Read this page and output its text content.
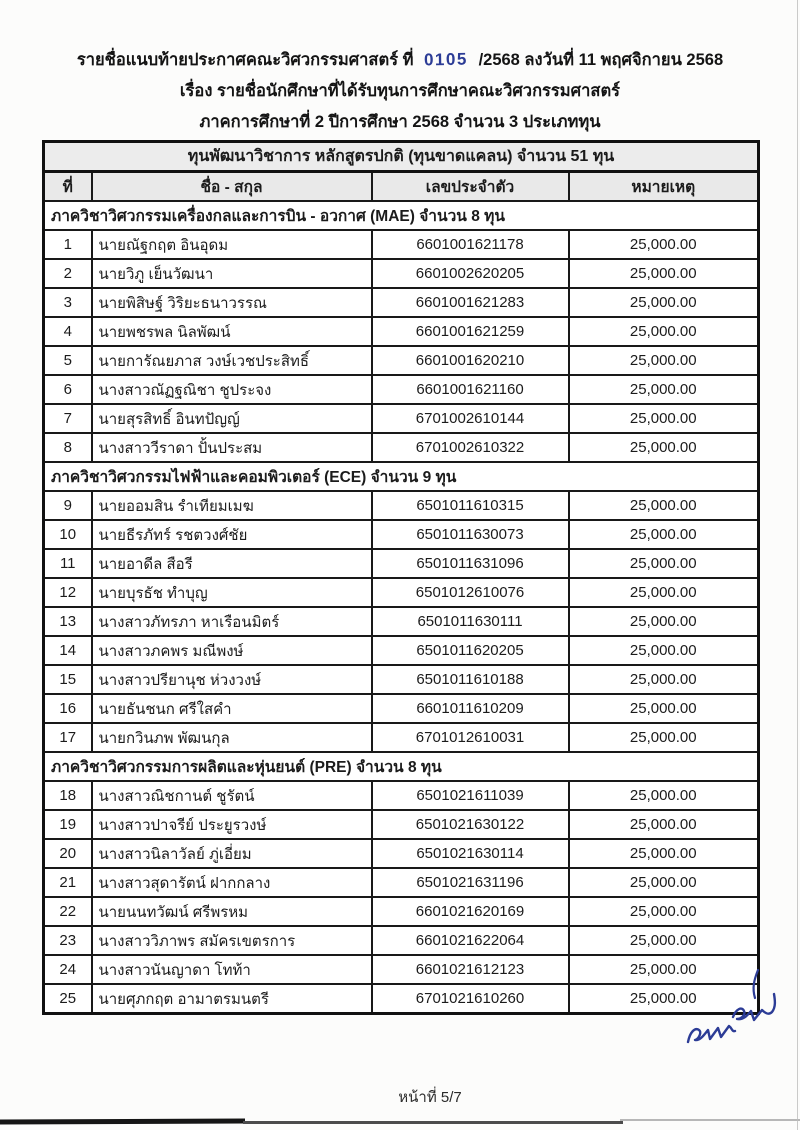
รายชื่อแนบท้ายประกาศคณะวิศวกรรมศาสตร์ ที่ 0105 /2568 ลงวันที่ 11 พฤศจิกายน 2568
เรื่อง รายชื่อนักศึกษาที่ได้รับทุนการศึกษาคณะวิศวกรรมศาสตร์
ภาคการศึกษาที่ 2 ปีการศึกษา 2568 จำนวน 3 ประเภททุน
ทุนพัฒนาวิชาการ หลักสูตรปกติ (ทุนขาดแคลน) จำนวน 51 ทุน			
ที่	ชื่อ - สกุล	เลขประจำตัว	หมายเหตุ
ภาควิชาวิศวกรรมเครื่องกลและการบิน - อวกาศ (MAE) จำนวน 8 ทุน			
1	นายณัฐกฤต อินอุดม	6601001621178	25,000.00
2	นายวิภู เย็นวัฒนา	6601002620205	25,000.00
3	นายพิสิษฐ์ วิริยะธนาวรรณ	6601001621283	25,000.00
4	นายพชรพล นิลพัฒน์	6601001621259	25,000.00
5	นายการัณยภาส วงษ์เวชประสิทธิ์	6601001620210	25,000.00
6	นางสาวณัฏฐณิชา ชูประจง	6601001621160	25,000.00
7	นายสุรสิทธิ์ อินทปัญญ์	6701002610144	25,000.00
8	นางสาววีราดา ปั้นประสม	6701002610322	25,000.00
ภาควิชาวิศวกรรมไฟฟ้าและคอมพิวเตอร์ (ECE) จำนวน 9 ทุน			
9	นายออมสิน รำเทียมเมฆ	6501011610315	25,000.00
10	นายธีรภัทร์ รชตวงศ์ชัย	6501011630073	25,000.00
11	นายอาดีล สือรี	6501011631096	25,000.00
12	นายบุรธัช ทำบุญ	6501012610076	25,000.00
13	นางสาวภัทรภา หาเรือนมิตร์	6501011630111	25,000.00
14	นางสาวภคพร มณีพงษ์	6501011620205	25,000.00
15	นางสาวปรียานุช ห่วงวงษ์	6501011610188	25,000.00
16	นายธันชนก ศรีใสคำ	6601011610209	25,000.00
17	นายกวินภพ พัฒนกุล	6701012610031	25,000.00
ภาควิชาวิศวกรรมการผลิตและหุ่นยนต์ (PRE) จำนวน 8 ทุน			
18	นางสาวณิชกานต์ ชูรัตน์	6501021611039	25,000.00
19	นางสาวปาจรีย์ ประยูรวงษ์	6501021630122	25,000.00
20	นางสาวนิลาวัลย์ ภู่เอี่ยม	6501021630114	25,000.00
21	นางสาวสุดารัตน์ ฝากกลาง	6501021631196	25,000.00
22	นายนนทวัฒน์ ศรีพรหม	6601021620169	25,000.00
23	นางสาววิภาพร สมัครเขตรการ	6601021622064	25,000.00
24	นางสาวนันญาดา โทท้า	6601021612123	25,000.00
25	นายศุภกฤต อามาตรมนตรี	6701021610260	25,000.00
หน้าที่ 5/7
